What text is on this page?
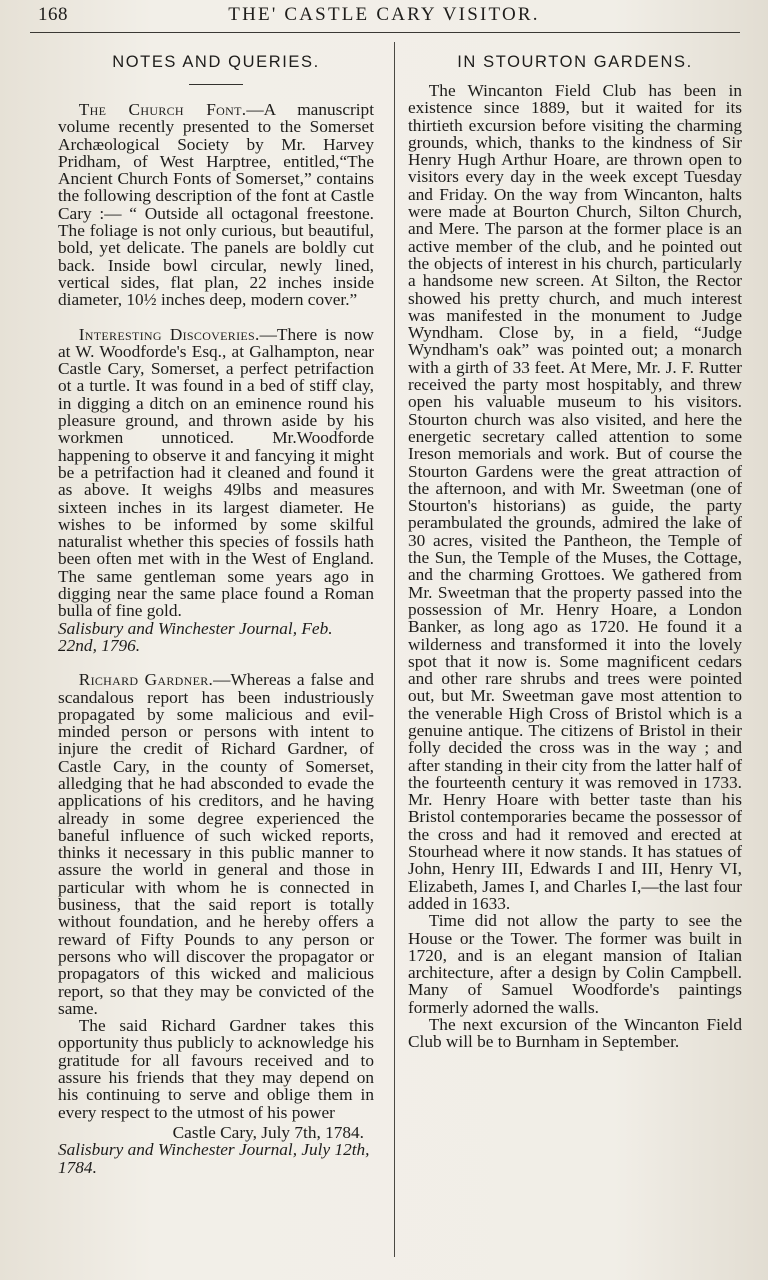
168	THE' CASTLE CARY VISITOR.
NOTES AND QUERIES.

The Church Font.—A manuscript volume recently presented to the Somerset Archæological Society by Mr. Harvey Pridham, of West Harptree, entitled,“The Ancient Church Fonts of Somerset,” contains the following description of the font at Castle Cary :— “ Outside all octagonal freestone. The foliage is not only curious, but beautiful, bold, yet delicate. The panels are boldly cut back. Inside bowl circular, newly lined, vertical sides, flat plan, 22 inches inside diameter, 10½ inches deep, modern cover.”

Interesting Discoveries.—There is now at W. Woodforde's Esq., at Galhampton, near Castle Cary, Somerset, a perfect petrifaction ot a turtle. It was found in a bed of stiff clay, in digging a ditch on an eminence round his pleasure ground, and thrown aside by his workmen unnoticed. Mr.Woodforde happening to observe it and fancying it might be a petrifaction had it cleaned and found it as above. It weighs 49lbs and measures sixteen inches in its largest diameter. He wishes to be informed by some skilful naturalist whether this species of fossils hath been often met with in the West of England. The same gentleman some years ago in digging near the same place found a Roman bulla of fine gold.

Salisbury and Winchester Journal, Feb. 22nd, 1796.

Richard Gardner.—Whereas a false and scandalous report has been industriously propagated by some malicious and evil-minded person or persons with intent to injure the credit of Richard Gardner, of Castle Cary, in the county of Somerset, alledging that he had absconded to evade the applications of his creditors, and he having already in some degree experienced the baneful influence of such wicked reports, thinks it necessary in this public manner to assure the world in general and those in particular with whom he is connected in business, that the said report is totally without foundation, and he hereby offers a reward of Fifty Pounds to any person or persons who will discover the propagator or propagators of this wicked and malicious report, so that they may be convicted of the same.

The said Richard Gardner takes this opportunity thus publicly to acknowledge his gratitude for all favours received and to assure his friends that they may depend on his continuing to serve and oblige them in every respect to the utmost of his power

Castle Cary, July 7th, 1784.

Salisbury and Winchester Journal, July 12th, 1784.

IN STOURTON GARDENS.

The Wincanton Field Club has been in existence since 1889, but it waited for its thirtieth excursion before visiting the charming grounds, which, thanks to the kindness of Sir Henry Hugh Arthur Hoare, are thrown open to visitors every day in the week except Tuesday and Friday. On the way from Wincanton, halts were made at Bourton Church, Silton Church, and Mere. The parson at the former place is an active member of the club, and he pointed out the objects of interest in his church, particularly a handsome new screen. At Silton, the Rector showed his pretty church, and much interest was manifested in the monument to Judge Wyndham. Close by, in a field, “Judge Wyndham's oak” was pointed out; a monarch with a girth of 33 feet. At Mere, Mr. J. F. Rutter received the party most hospitably, and threw open his valuable museum to his visitors. Stourton church was also visited, and here the energetic secretary called attention to some Ireson memorials and work. But of course the Stourton Gardens were the great attraction of the afternoon, and with Mr. Sweetman (one of Stourton's historians) as guide, the party perambulated the grounds, admired the lake of 30 acres, visited the Pantheon, the Temple of the Sun, the Temple of the Muses, the Cottage, and the charming Grottoes. We gathered from Mr. Sweetman that the property passed into the possession of Mr. Henry Hoare, a London Banker, as long ago as 1720. He found it a wilderness and transformed it into the lovely spot that it now is. Some magnificent cedars and other rare shrubs and trees were pointed out, but Mr. Sweetman gave most attention to the venerable High Cross of Bristol which is a genuine antique. The citizens of Bristol in their folly decided the cross was in the way ; and after standing in their city from the latter half of the fourteenth century it was removed in 1733. Mr. Henry Hoare with better taste than his Bristol contemporaries became the possessor of the cross and had it removed and erected at Stourhead where it now stands. It has statues of John, Henry III, Edwards I and III, Henry VI, Elizabeth, James I, and Charles I,—the last four added in 1633.

Time did not allow the party to see the House or the Tower. The former was built in 1720, and is an elegant mansion of Italian architecture, after a design by Colin Campbell. Many of Samuel Woodforde's paintings formerly adorned the walls.

The next excursion of the Wincanton Field Club will be to Burnham in September.
